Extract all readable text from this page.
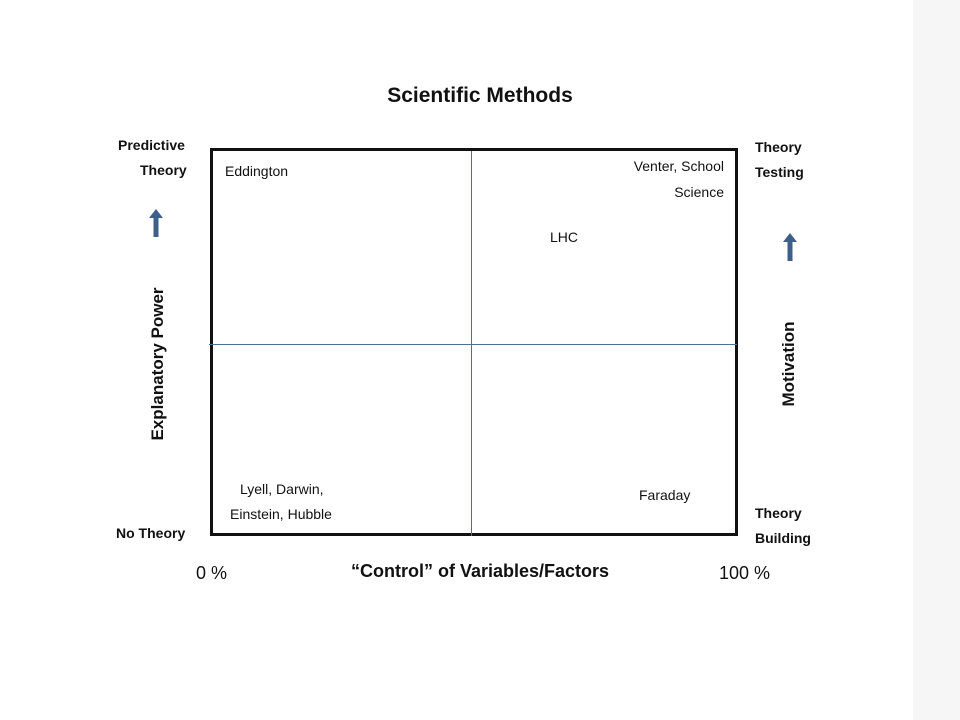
Scientific Methods
Predictive
Theory
No Theory
Explanatory Power
Theory
Testing
Theory
Building
Motivation
Eddington	Venter, School
Science
LHC
Lyell, Darwin,
Einstein, Hubble
Faraday
0 %	“Control” of Variables/Factors	100 %
